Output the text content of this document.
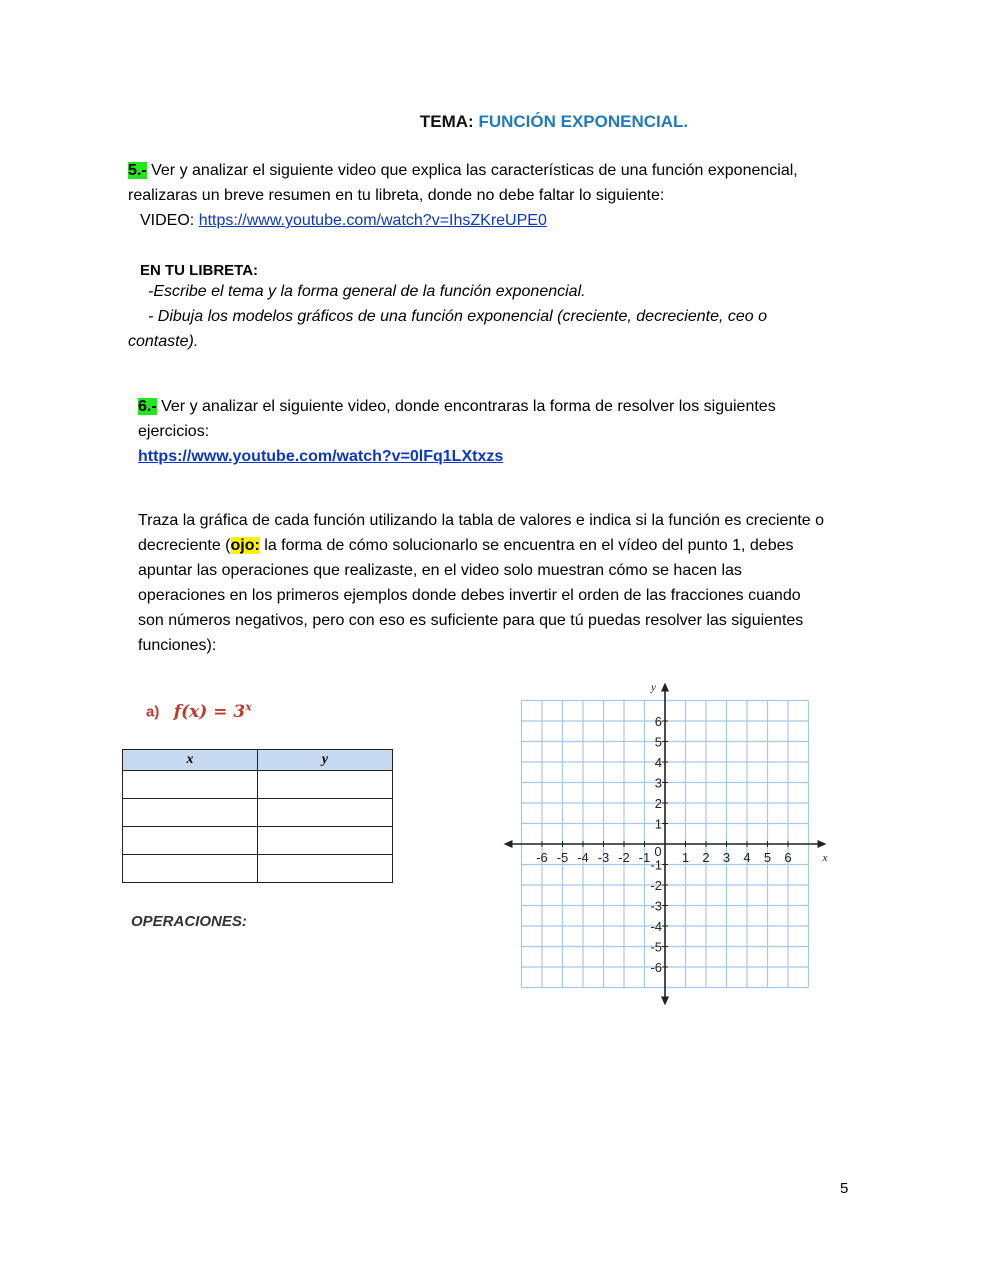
TEMA: FUNCIÓN EXPONENCIAL.
5.- Ver y analizar el siguiente video que explica las características de una función exponencial,
realizaras un breve resumen en tu libreta, donde no debe faltar lo siguiente:
VIDEO: https://www.youtube.com/watch?v=IhsZKreUPE0
EN TU LIBRETA:
-Escribe el tema y la forma general de la función exponencial.
- Dibuja los modelos gráficos de una función exponencial (creciente, decreciente, ceo o
contaste).
6.- Ver y analizar el siguiente video, donde encontraras la forma de resolver los siguientes
ejercicios:
https://www.youtube.com/watch?v=0lFq1LXtxzs
Traza la gráfica de cada función utilizando la tabla de valores e indica si la función es creciente o
decreciente (ojo: la forma de cómo solucionarlo se encuentra en el vídeo del punto 1, debes
apuntar las operaciones que realizaste, en el video solo muestran cómo se hacen las
operaciones en los primeros ejemplos donde debes invertir el orden de las fracciones cuando
son números negativos, pero con eso es suficiente para que tú puedas resolver las siguientes
funciones):
a) $f(x) = 3^x$
x	y

OPERACIONES:
-6
-6
-5
-5
-4
-4
-3
-3
-2
-2
-1 -1 1
1
2
2
3
3
4
4
5
5
6
6
0	x
y
5
